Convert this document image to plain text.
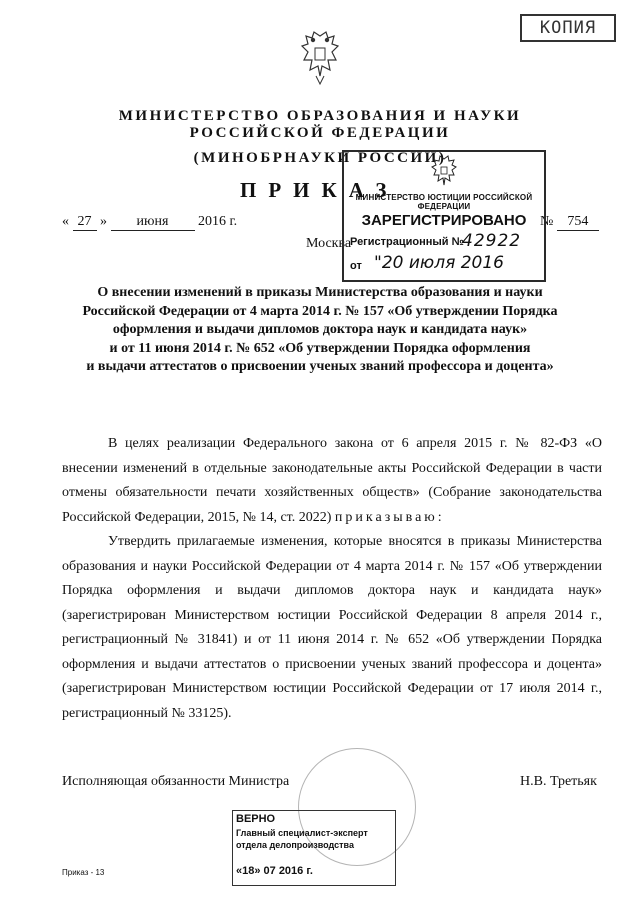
КОПИЯ
МИНИСТЕРСТВО ОБРАЗОВАНИЯ И НАУКИ
РОССИЙСКОЙ ФЕДЕРАЦИИ
(МИНОБРНАУКИ РОССИИ)
ПРИКАЗ
« 27 » июня 2016 г.	№ 754
Москва
МИНИСТЕРСТВО ЮСТИЦИИ РОССИЙСКОЙ ФЕДЕРАЦИИ
ЗАРЕГИСТРИРОВАНО
Регистрационный №
42922
от "20 июля 2016
О внесении изменений в приказы Министерства образования и науки
Российской Федерации от 4 марта 2014 г. № 157 «Об утверждении Порядка
оформления и выдачи дипломов доктора наук и кандидата наук»
и от 11 июня 2014 г. № 652 «Об утверждении Порядка оформления
и выдачи аттестатов о присвоении ученых званий профессора и доцента»
В целях реализации Федерального закона от 6 апреля 2015 г. № 82-ФЗ «О внесении изменений в отдельные законодательные акты Российской Федерации в части отмены обязательности печати хозяйственных обществ» (Собрание законодательства Российской Федерации, 2015, № 14, ст. 2022) приказываю:
Утвердить прилагаемые изменения, которые вносятся в приказы Министерства образования и науки Российской Федерации от 4 марта 2014 г. № 157 «Об утверждении Порядка оформления и выдачи дипломов доктора наук и кандидата наук» (зарегистрирован Министерством юстиции Российской Федерации 8 апреля 2014 г., регистрационный № 31841) и от 11 июня 2014 г. № 652 «Об утверждении Порядка оформления и выдачи аттестатов о присвоении ученых званий профессора и доцента» (зарегистрирован Министерством юстиции Российской Федерации от 17 июля 2014 г., регистрационный № 33125).
Исполняющая обязанности Министра	Н.В. Третьяк
ВЕРНО
Главный специалист-эксперт
отдела делопроизводства
«18» 07 2016 г.
Приказ - 13
